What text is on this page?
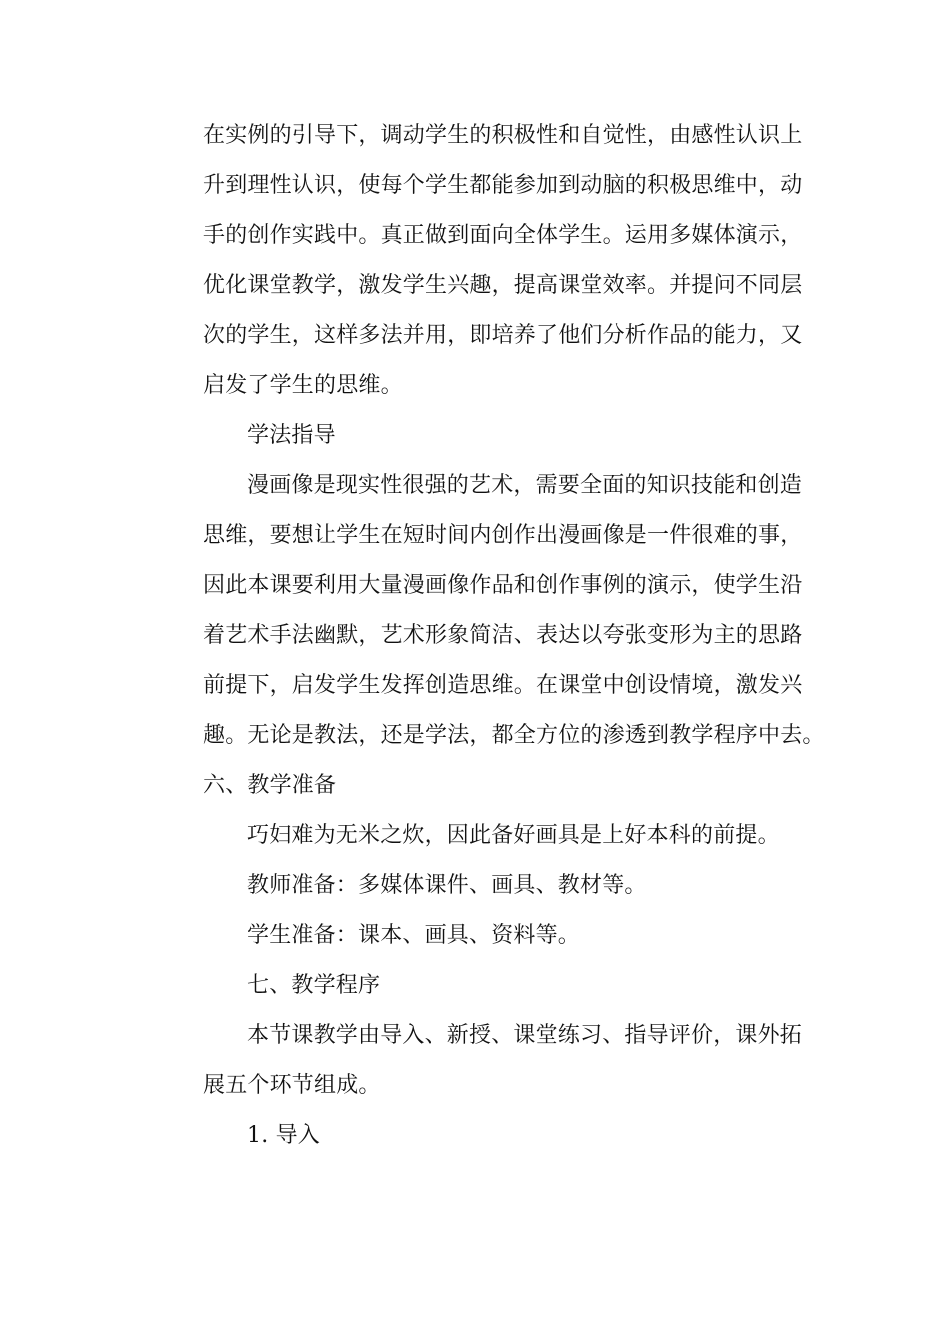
在实例的引导下，调动学生的积极性和自觉性，由感性认识上
升到理性认识，使每个学生都能参加到动脑的积极思维中，动
手的创作实践中。真正做到面向全体学生。运用多媒体演示，
优化课堂教学，激发学生兴趣，提高课堂效率。并提问不同层
次的学生，这样多法并用，即培养了他们分析作品的能力，又
启发了学生的思维。
学法指导
漫画像是现实性很强的艺术，需要全面的知识技能和创造
思维，要想让学生在短时间内创作出漫画像是一件很难的事，
因此本课要利用大量漫画像作品和创作事例的演示，使学生沿
着艺术手法幽默，艺术形象简洁、表达以夸张变形为主的思路
前提下，启发学生发挥创造思维。在课堂中创设情境，激发兴
趣。无论是教法，还是学法，都全方位的渗透到教学程序中去。
六、教学准备
巧妇难为无米之炊，因此备好画具是上好本科的前提。
教师准备：多媒体课件、画具、教材等。
学生准备：课本、画具、资料等。
七、教学程序
本节课教学由导入、新授、课堂练习、指导评价，课外拓
展五个环节组成。
1. 导入
